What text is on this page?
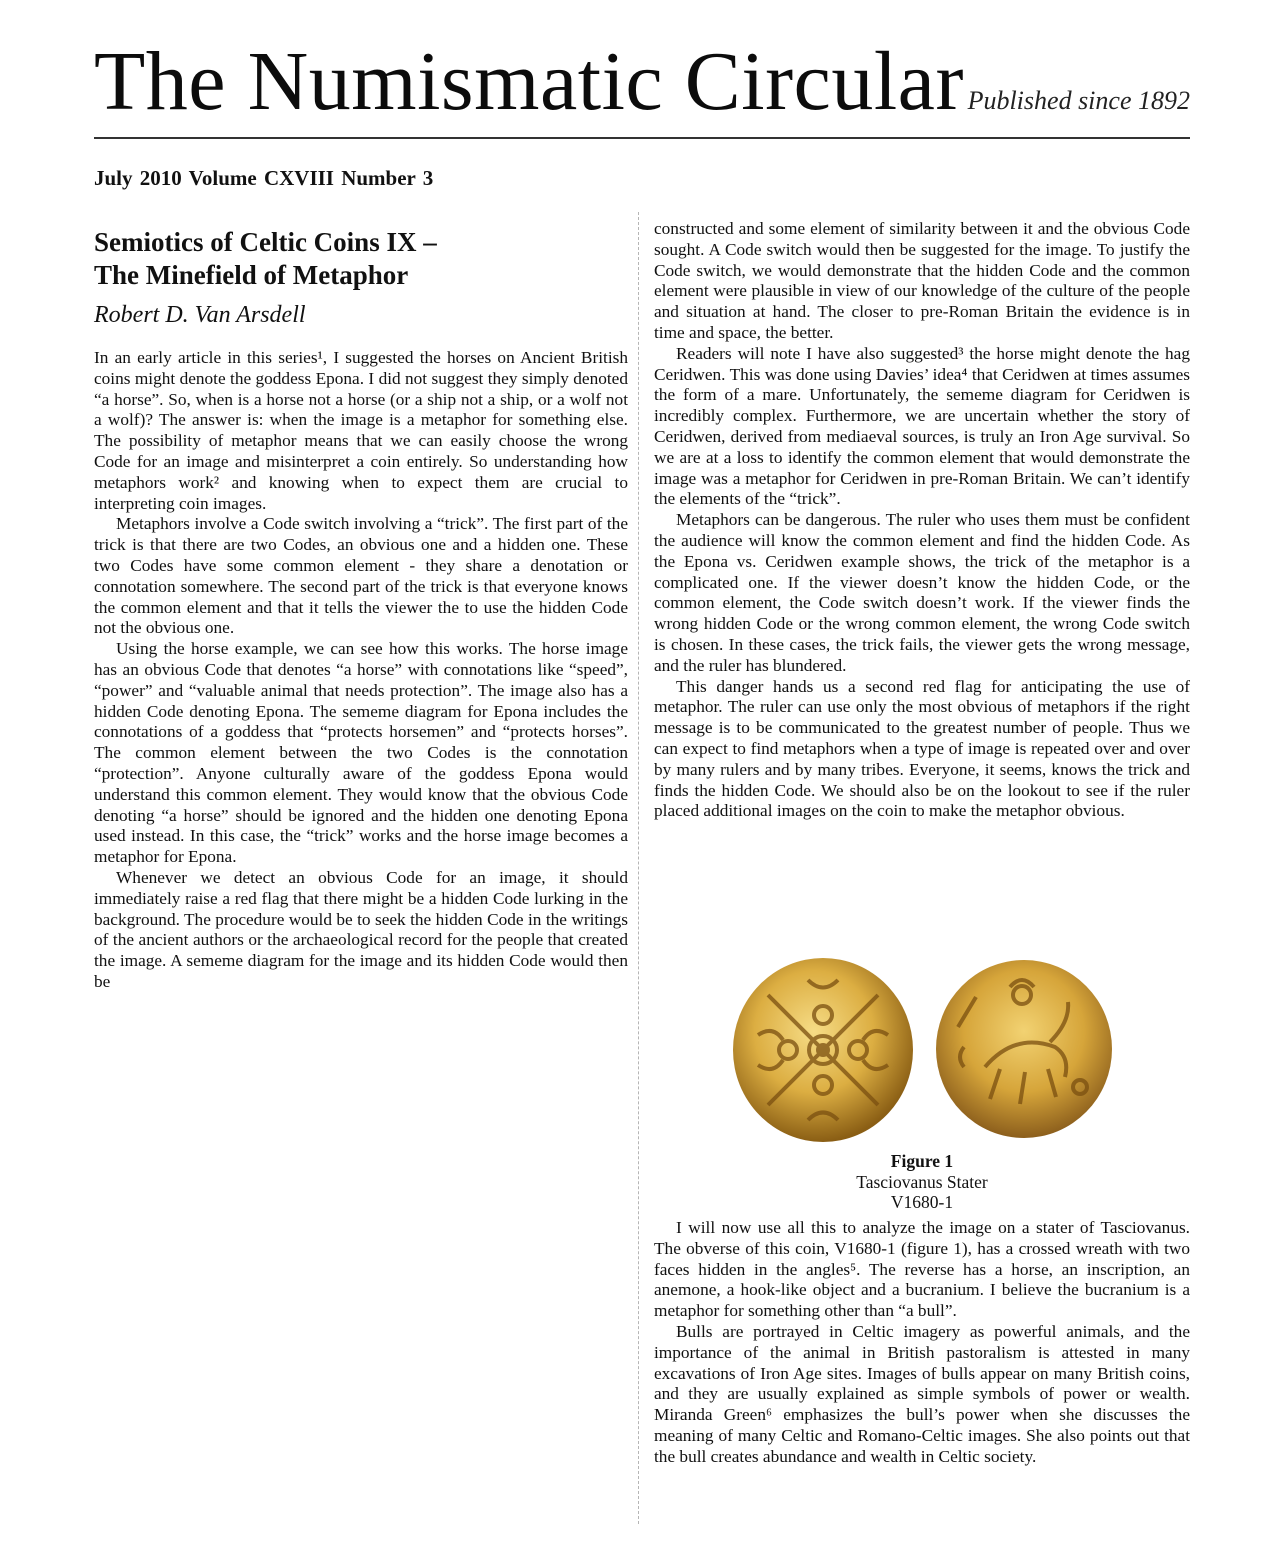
The Numismatic Circular Published since 1892
July 2010 Volume CXVIII Number 3
Semiotics of Celtic Coins IX –
The Minefield of Metaphor
Robert D. Van Arsdell

In an early article in this series¹, I suggested the horses on Ancient British coins might denote the goddess Epona. I did not suggest they simply denoted “a horse”. So, when is a horse not a horse (or a ship not a ship, or a wolf not a wolf)? The answer is: when the image is a metaphor for something else. The possibility of metaphor means that we can easily choose the wrong Code for an image and misinterpret a coin entirely. So understanding how metaphors work² and knowing when to expect them are crucial to interpreting coin images.

Metaphors involve a Code switch involving a “trick”. The first part of the trick is that there are two Codes, an obvious one and a hidden one. These two Codes have some common element - they share a denotation or connotation somewhere. The second part of the trick is that everyone knows the common element and that it tells the viewer the to use the hidden Code not the obvious one.

Using the horse example, we can see how this works. The horse image has an obvious Code that denotes “a horse” with connotations like “speed”, “power” and “valuable animal that needs protection”. The image also has a hidden Code denoting Epona. The sememe diagram for Epona includes the connotations of a goddess that “protects horsemen” and “protects horses”. The common element between the two Codes is the connotation “protection”. Anyone culturally aware of the goddess Epona would understand this common element. They would know that the obvious Code denoting “a horse” should be ignored and the hidden one denoting Epona used instead. In this case, the “trick” works and the horse image becomes a metaphor for Epona.

Whenever we detect an obvious Code for an image, it should immediately raise a red flag that there might be a hidden Code lurking in the background. The procedure would be to seek the hidden Code in the writings of the ancient authors or the archaeological record for the people that created the image. A sememe diagram for the image and its hidden Code would then be

constructed and some element of similarity between it and the obvious Code sought. A Code switch would then be suggested for the image. To justify the Code switch, we would demonstrate that the hidden Code and the common element were plausible in view of our knowledge of the culture of the people and situation at hand. The closer to pre-Roman Britain the evidence is in time and space, the better.

Readers will note I have also suggested³ the horse might denote the hag Ceridwen. This was done using Davies’ idea⁴ that Ceridwen at times assumes the form of a mare. Unfortunately, the sememe diagram for Ceridwen is incredibly complex. Furthermore, we are uncertain whether the story of Ceridwen, derived from mediaeval sources, is truly an Iron Age survival. So we are at a loss to identify the common element that would demonstrate the image was a metaphor for Ceridwen in pre-Roman Britain. We can’t identify the elements of the “trick”.

Metaphors can be dangerous. The ruler who uses them must be confident the audience will know the common element and find the hidden Code. As the Epona vs. Ceridwen example shows, the trick of the metaphor is a complicated one. If the viewer doesn’t know the hidden Code, or the common element, the Code switch doesn’t work. If the viewer finds the wrong hidden Code or the wrong common element, the wrong Code switch is chosen. In these cases, the trick fails, the viewer gets the wrong message, and the ruler has blundered.

This danger hands us a second red flag for anticipating the use of metaphor. The ruler can use only the most obvious of metaphors if the right message is to be communicated to the greatest number of people. Thus we can expect to find metaphors when a type of image is repeated over and over by many rulers and by many tribes. Everyone, it seems, knows the trick and finds the hidden Code. We should also be on the lookout to see if the ruler placed additional images on the coin to make the metaphor obvious.

Figure 1
Tasciovanus Stater
V1680-1

I will now use all this to analyze the image on a stater of Tasciovanus. The obverse of this coin, V1680-1 (figure 1), has a crossed wreath with two faces hidden in the angles⁵. The reverse has a horse, an inscription, an anemone, a hook-like object and a bucranium. I believe the bucranium is a metaphor for something other than “a bull”.

Bulls are portrayed in Celtic imagery as powerful animals, and the importance of the animal in British pastoralism is attested in many excavations of Iron Age sites. Images of bulls appear on many British coins, and they are usually explained as simple symbols of power or wealth. Miranda Green⁶ emphasizes the bull’s power when she discusses the meaning of many Celtic and Romano-Celtic images. She also points out that the bull creates abundance and wealth in Celtic society.
